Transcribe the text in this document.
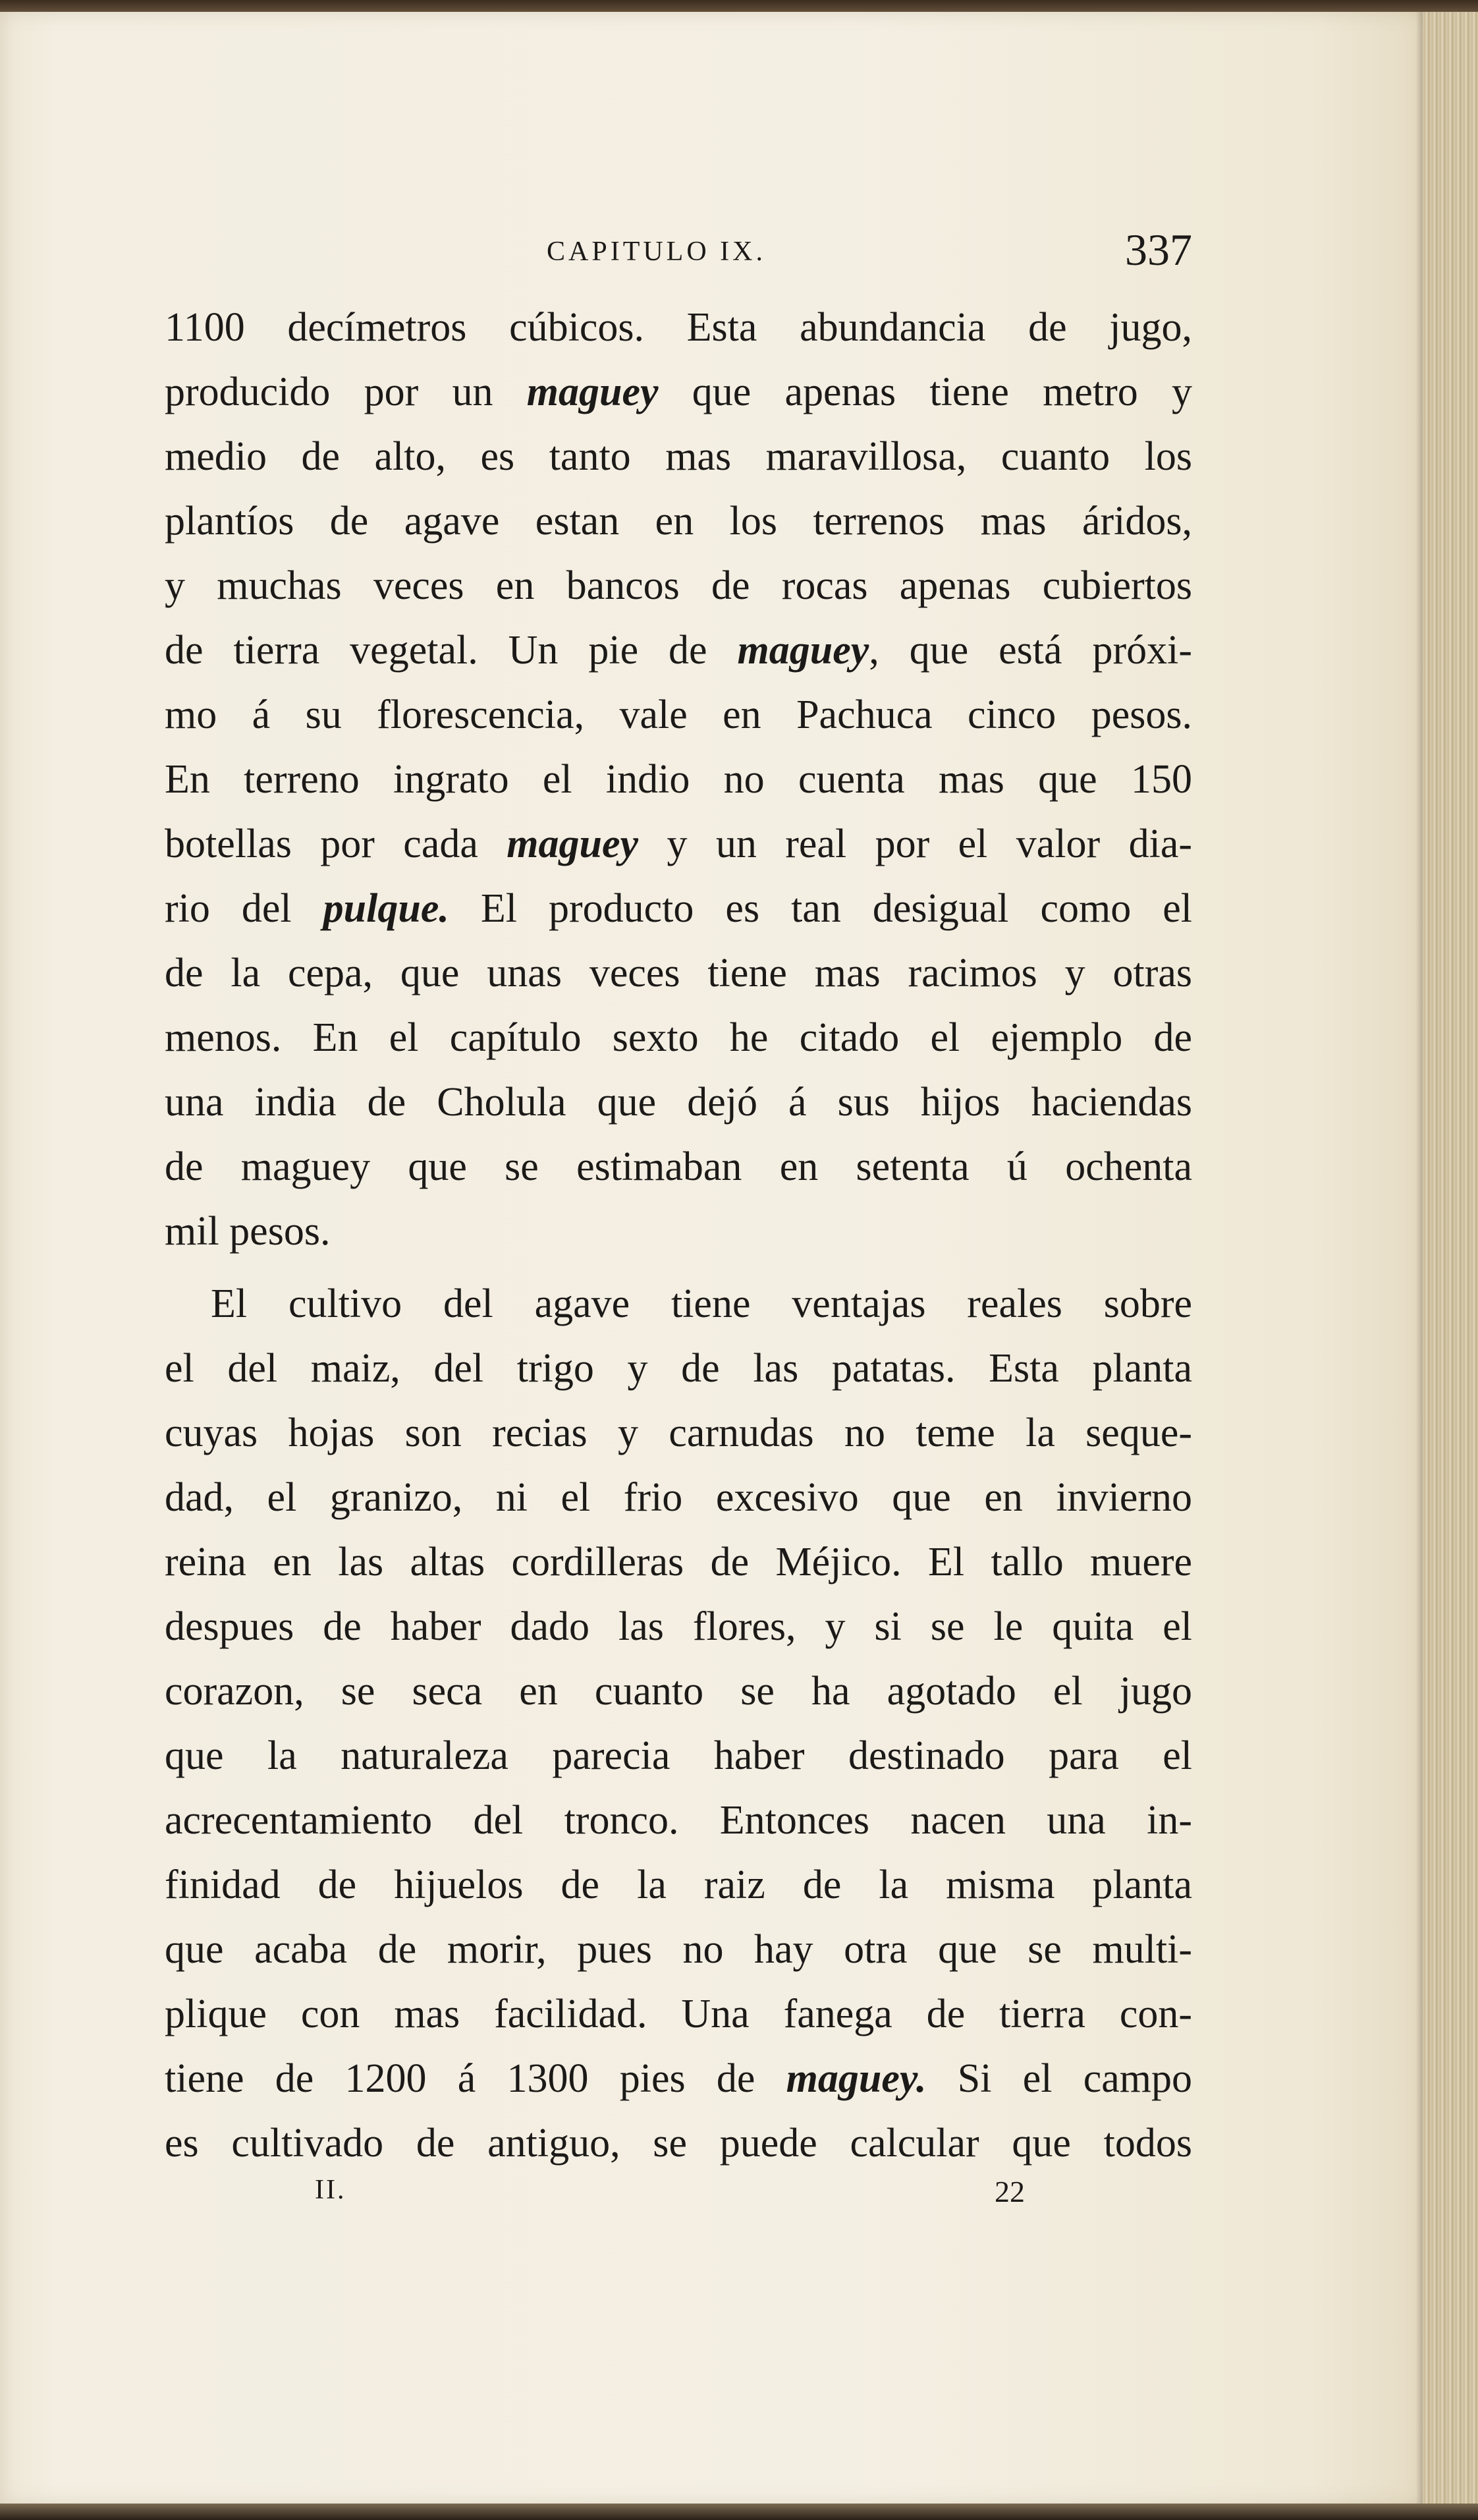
CAPITULO IX.	337
1100 decímetros cúbicos. Esta abundancia de jugo,
producido por un maguey que apenas tiene metro y
medio de alto, es tanto mas maravillosa, cuanto los
plantíos de agave estan en los terrenos mas áridos,
y muchas veces en bancos de rocas apenas cubiertos
de tierra vegetal. Un pie de maguey, que está próxi-
mo á su florescencia, vale en Pachuca cinco pesos.
En terreno ingrato el indio no cuenta mas que 150
botellas por cada maguey y un real por el valor dia-
rio del pulque. El producto es tan desigual como el
de la cepa, que unas veces tiene mas racimos y otras
menos. En el capítulo sexto he citado el ejemplo de
una india de Cholula que dejó á sus hijos haciendas
de maguey que se estimaban en setenta ú ochenta
mil pesos.
El cultivo del agave tiene ventajas reales sobre
el del maiz, del trigo y de las patatas. Esta planta
cuyas hojas son recias y carnudas no teme la seque-
dad, el granizo, ni el frio excesivo que en invierno
reina en las altas cordilleras de Méjico. El tallo muere
despues de haber dado las flores, y si se le quita el
corazon, se seca en cuanto se ha agotado el jugo
que la naturaleza parecia haber destinado para el
acrecentamiento del tronco. Entonces nacen una in-
finidad de hijuelos de la raiz de la misma planta
que acaba de morir, pues no hay otra que se multi-
plique con mas facilidad. Una fanega de tierra con-
tiene de 1200 á 1300 pies de maguey. Si el campo
es cultivado de antiguo, se puede calcular que todos
II.	22
